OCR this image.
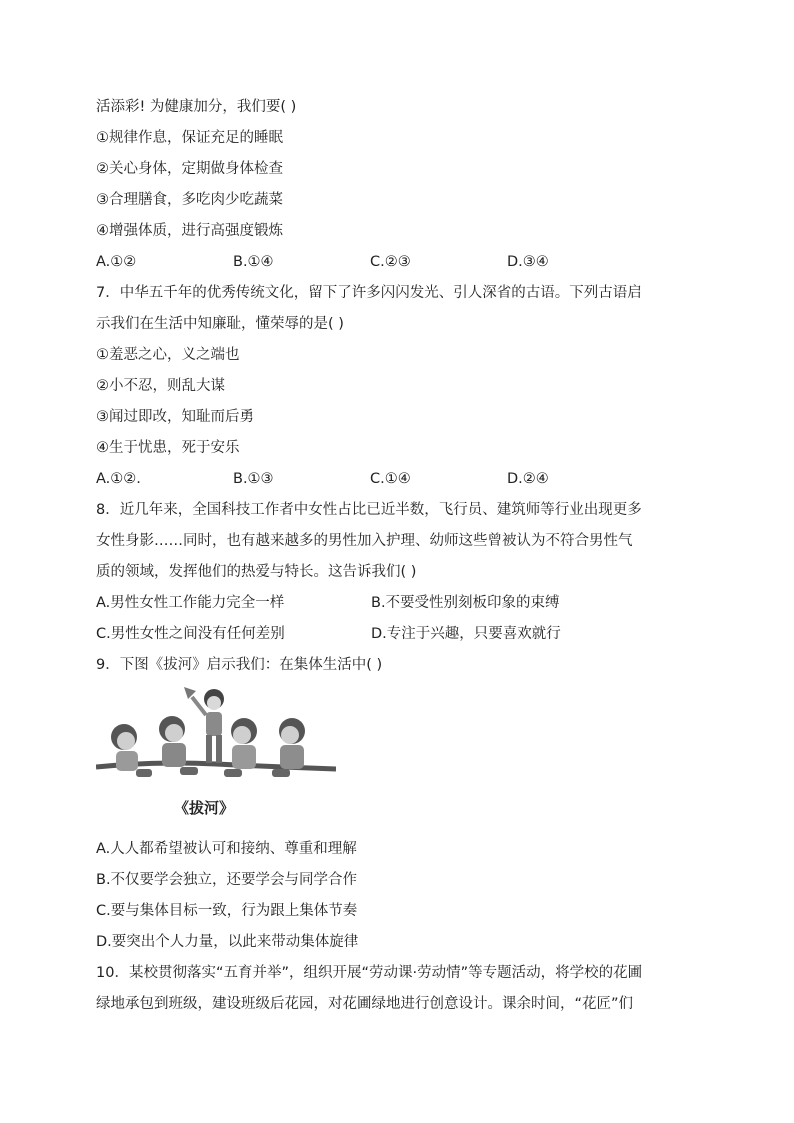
活添彩! 为健康加分，我们要( )
①规律作息，保证充足的睡眠
②关心身体，定期做身体检查
③合理膳食，多吃肉少吃蔬菜
④增强体质，进行高强度锻炼
A.①②	B.①④	C.②③	D.③④
7．中华五千年的优秀传统文化，留下了许多闪闪发光、引人深省的古语。下列古语启
示我们在生活中知廉耻，懂荣辱的是( )
①羞恶之心，义之端也
②小不忍，则乱大谋
③闻过即改，知耻而后勇
④生于忧患，死于安乐
A.①②.	B.①③	C.①④	D.②④
8．近几年来，全国科技工作者中女性占比已近半数，飞行员、建筑师等行业出现更多
女性身影……同时，也有越来越多的男性加入护理、幼师这些曾被认为不符合男性气
质的领域，发挥他们的热爱与特长。这告诉我们( )
A.男性女性工作能力完全一样	B.不要受性别刻板印象的束缚
C.男性女性之间没有任何差别	D.专注于兴趣，只要喜欢就行
9．下图《拔河》启示我们：在集体生活中( )
《拔河》
A.人人都希望被认可和接纳、尊重和理解
B.不仅要学会独立，还要学会与同学合作
C.要与集体目标一致，行为跟上集体节奏
D.要突出个人力量，以此来带动集体旋律
10．某校贯彻落实“五育并举”，组织开展“劳动课·劳动情”等专题活动，将学校的花圃
绿地承包到班级，建设班级后花园，对花圃绿地进行创意设计。课余时间，“花匠”们
